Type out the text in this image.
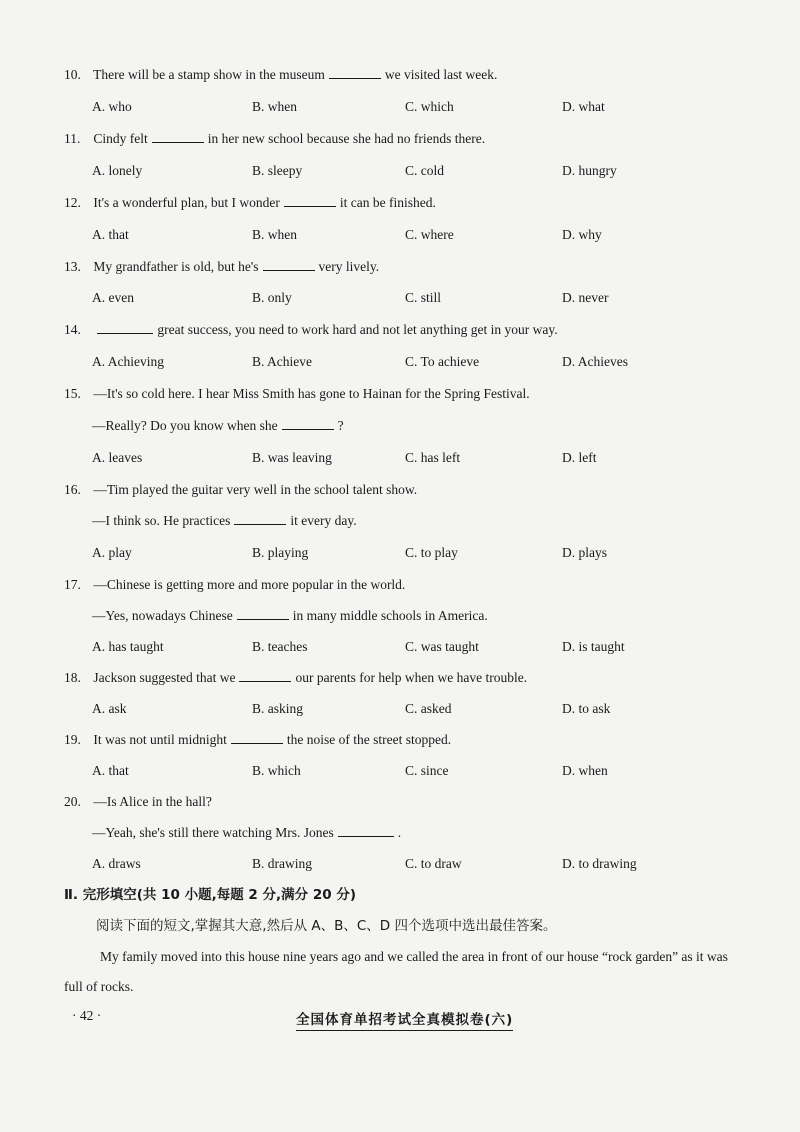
10. There will be a stamp show in the museum	we visited last week.
A. who	B. when	C. which	D. what
11. Cindy felt	in her new school because she had no friends there.
A. lonely	B. sleepy	C. cold	D. hungry
12. It's a wonderful plan, but I wonder	it can be finished.
A. that	B. when	C. where	D. why
13. My grandfather is old, but he's	very lively.
A. even	B. only	C. still	D. never
14.	great success, you need to work hard and not let anything get in your way.
A. Achieving	B. Achieve	C. To achieve	D. Achieves
15. —It's so cold here. I hear Miss Smith has gone to Hainan for the Spring Festival.
—Really? Do you know when she	?
A. leaves	B. was leaving	C. has left	D. left
16. —Tim played the guitar very well in the school talent show.
—I think so. He practices	it every day.
A. play	B. playing	C. to play	D. plays
17. —Chinese is getting more and more popular in the world.
—Yes, nowadays Chinese	in many middle schools in America.
A. has taught	B. teaches	C. was taught	D. is taught
18. Jackson suggested that we	our parents for help when we have trouble.
A. ask	B. asking	C. asked	D. to ask
19. It was not until midnight	the noise of the street stopped.
A. that	B. which	C. since	D. when
20. —Is Alice in the hall?
—Yeah, she's still there watching Mrs. Jones	.
A. draws	B. drawing	C. to draw	D. to drawing
Ⅱ. 完形填空(共 10 小题,每题 2 分,满分 20 分)
阅读下面的短文,掌握其大意,然后从 A、B、C、D 四个选项中选出最佳答案。
My family moved into this house nine years ago and we called the area in front of our house “rock garden” as it was full of rocks.
· 42 ·	全国体育单招考试全真模拟卷(六)
